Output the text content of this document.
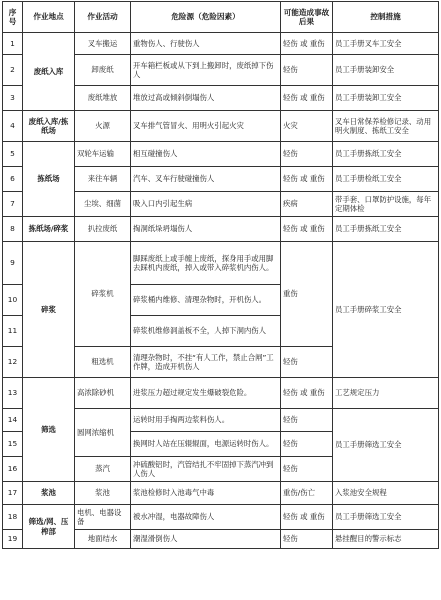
序号	作业地点	作业活动	危险源（危险因素）	可能造成事故后果	控制措施
1	废纸入库	叉车搬运	重物伤人、行驶伤人	轻伤 或 重伤	员工手册叉车工安全
2		卸废纸	开车箱栏板或从下到上搬卸时，废纸掉下伤人	轻伤	员工手册装卸安全
3		废纸堆放	堆放过高或倾斜倒塌伤人	轻伤 或 重伤	员工手册装卸工安全
4	废纸入库/拣纸场	火源	叉车排气管冒火、用明火引起火灾	火灾	叉车日常保养检修记录、动用明火制度、拣纸工安全
5	拣纸场	双轮车运输	相互碰撞伤人	轻伤	员工手册拣纸工安全
6		来往车辆	汽车、叉车行驶碰撞伤人	轻伤 或 重伤	员工手册检纸工安全
7		尘埃、细菌	吸入口内引起生病	疾病	带手套、口罩防护设施，每年定期体检
8	拣纸场/碎浆	扒拉废纸	掏洞纸垛坍塌伤人	轻伤 或 重伤	员工手册拣纸工安全
9	碎浆	碎浆机	脚踩废纸上或手缠上废纸，探身用手或用脚去踩机内废纸，掉入或带入碎浆机内伤人。	重伤	员工手册碎浆工安全
10			碎浆桶内维修、清理杂物时，开机伤人。		
11			碎浆机维修洞盖板不全，人掉下洞内伤人		
12		粗选机	清理杂物时，不挂“有人工作，禁止合闸”工作牌，造成开机伤人	轻伤	
13	筛选	高浓除砂机	进浆压力超过规定发生爆破裂危险。	轻伤 或 重伤	工艺规定压力
14		圆网浓缩机	运转时用手掏两边浆料伤人。	轻伤	员工手册筛选工安全
15			换网时人站在压辊辊面，电源运转时伤人。	轻伤	
16		蒸汽	冲硫酸铝时，汽管结扎不牢固掉下蒸汽冲到人伤人	轻伤	
17	浆池	浆池	浆池检修时入池毒气中毒	重伤/伤亡	入浆池安全规程
18	筛选/网、压榨部	电机、电器设备	被水冲湿，电器故障伤人	轻伤 或 重伤	员工手册筛选工安全
19		地面结水	潮湿滑倒伤人	轻伤	悬挂醒目的警示标志
